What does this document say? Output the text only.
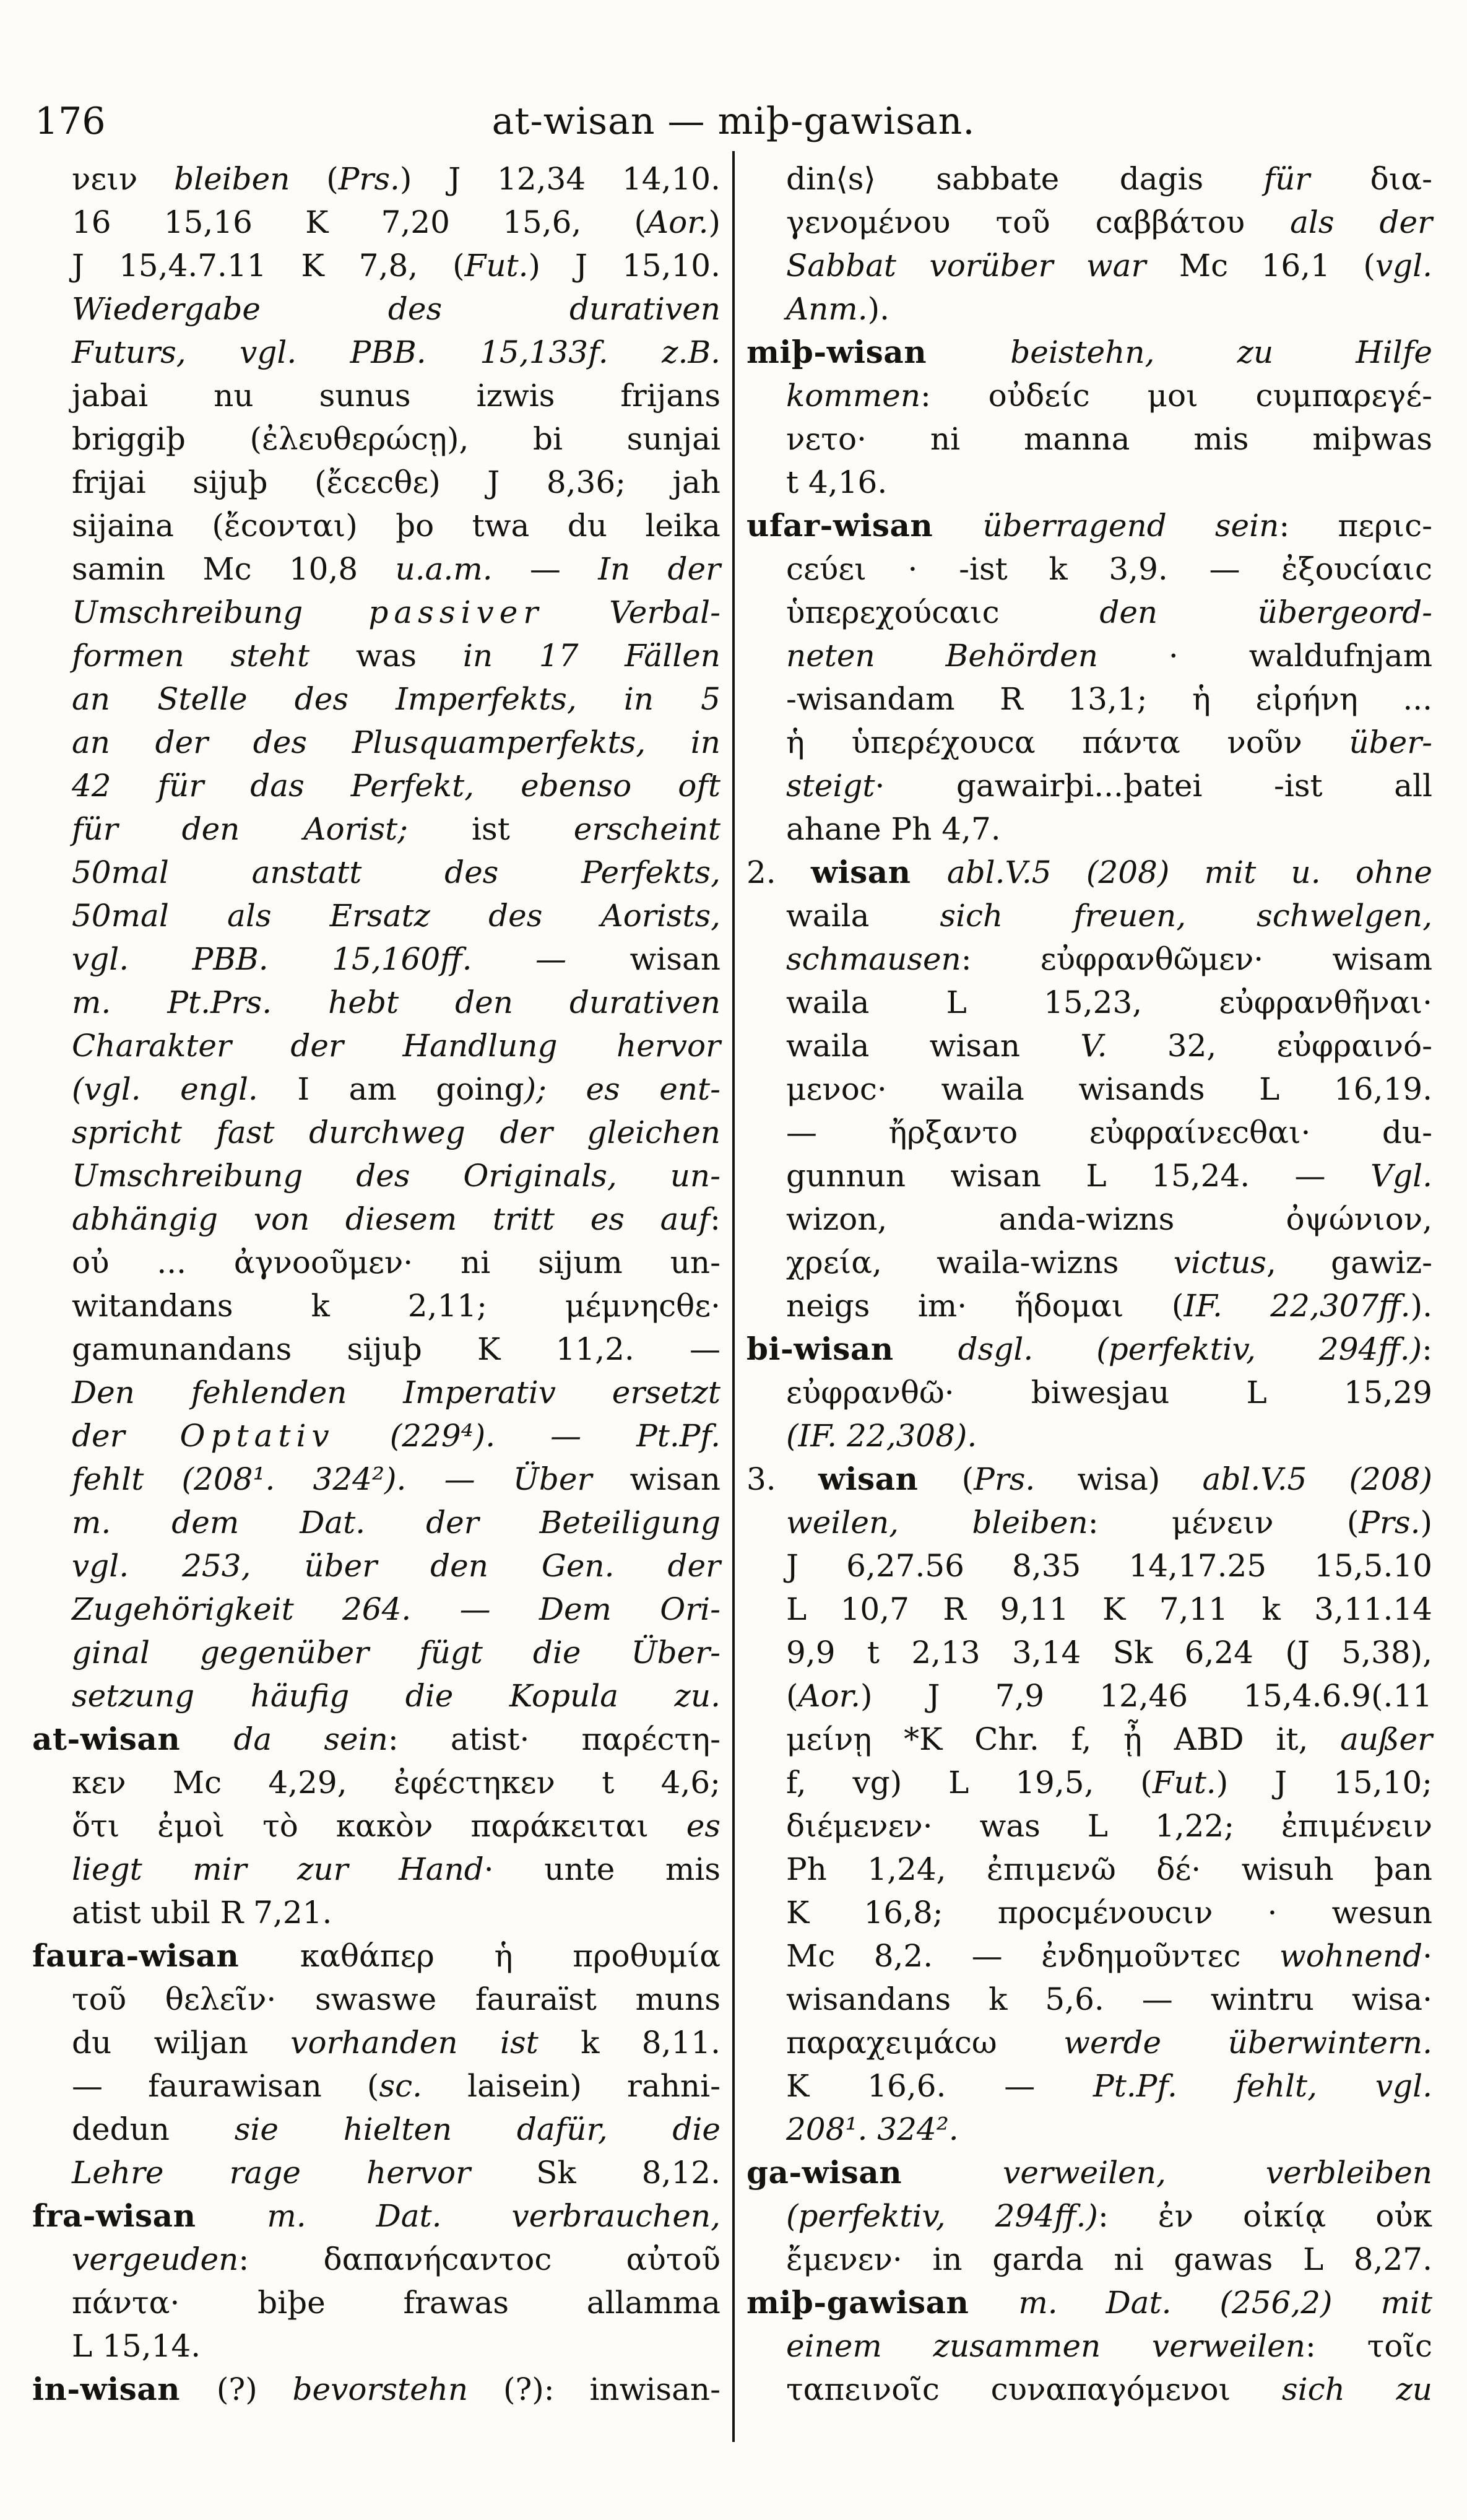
176	at-wisan — miþ-gawisan.
νειν bleiben (Prs.) J 12,34 14,10.
16 15,16 K 7,20 15,6, (Aor.)
J 15,4.7.11 K 7,8, (Fut.) J 15,10.
Wiedergabe des durativen
Futurs, vgl. PBB. 15,133f. z.B.
jabai nu sunus izwis frijans
briggiþ (ἐλευθερώϲῃ), bi sunjai
frijai sijuþ (ἔϲεϲθε) J 8,36; jah
sijaina (ἔϲονται) þo twa du leika
samin Mc 10,8 u.a.m. — In der
Umschreibung passiver Verbal-
formen steht was in 17 Fällen
an Stelle des Imperfekts, in 5
an der des Plusquamperfekts, in
42 für das Perfekt, ebenso oft
für den Aorist; ist erscheint
50mal anstatt des Perfekts,
50mal als Ersatz des Aorists,
vgl. PBB. 15,160ff. — wisan
m. Pt.Prs. hebt den durativen
Charakter der Handlung hervor
(vgl. engl. I am going); es ent-
spricht fast durchweg der gleichen
Umschreibung des Originals, un-
abhängig von diesem tritt es auf:
οὐ ... ἀγνοοῦμεν· ni sijum un-
witandans k 2,11; μέμνηϲθε·
gamunandans sijuþ K 11,2. —
Den fehlenden Imperativ ersetzt
der Optativ (229⁴). — Pt.Pf.
fehlt (208¹. 324²). — Über wisan
m. dem Dat. der Beteiligung
vgl. 253, über den Gen. der
Zugehörigkeit 264. — Dem Ori-
ginal gegenüber fügt die Über-
setzung häufig die Kopula zu.
at-wisan da sein: atist· παρέϲτη-
κεν Mc 4,29, ἐφέϲτηκεν t 4,6;
ὅτι ἐμοὶ τὸ κακὸν παράκειται es
liegt mir zur Hand· unte mis
atist ubil R 7,21.
faura-wisan καθάπερ ἡ προθυμία
τοῦ θελεῖν· swaswe fauraïst muns
du wiljan vorhanden ist k 8,11.
— faurawisan (sc. laisein) rahni-
dedun sie hielten dafür, die
Lehre rage hervor Sk 8,12.
fra-wisan m. Dat. verbrauchen,
vergeuden: δαπανήϲαντοϲ αὐτοῦ
πάντα· biþe frawas allamma
L 15,14.
in-wisan (?) bevorstehn (?): inwisan-
din⟨s⟩ sabbate dagis für δια-
γενομένου τοῦ ϲαββάτου als der
Sabbat vorüber war Mc 16,1 (vgl.
Anm.).
miþ-wisan beistehn, zu Hilfe
kommen: οὐδείϲ μοι ϲυμπαρεγέ-
νετο· ni manna mis miþwas
t 4,16.
ufar-wisan überragend sein: περιϲ-
ϲεύει · -ist k 3,9. — ἐξουϲίαιϲ
ὑπερεχούϲαιϲ den übergeord-
neten Behörden · waldufnjam
-wisandam R 13,1; ἡ εἰρήνη ...
ἡ ὑπερέχουϲα πάντα νοῦν über-
steigt· gawairþi...þatei -ist all
ahane Ph 4,7.
2. wisan abl.V.5 (208) mit u. ohne
waila sich freuen, schwelgen,
schmausen: εὐφρανθῶμεν· wisam
waila L 15,23, εὐφρανθῆναι·
waila wisan V. 32, εὐφραινό-
μενοϲ· waila wisands L 16,19.
— ἤρξαντο εὐφραίνεϲθαι· du-
gunnun wisan L 15,24. — Vgl.
wizon, anda-wizns ὀψώνιον,
χρεία, waila-wizns victus, gawiz-
neigs im· ἥδομαι (IF. 22,307ff.).
bi-wisan dsgl. (perfektiv, 294ff.):
εὐφρανθῶ· biwesjau L 15,29
(IF. 22,308).
3. wisan (Prs. wisa) abl.V.5 (208)
weilen, bleiben: μένειν (Prs.)
J 6,27.56 8,35 14,17.25 15,5.10
L 10,7 R 9,11 K 7,11 k 3,11.14
9,9 t 2,13 3,14 Sk 6,24 (J 5,38),
(Aor.) J 7,9 12,46 15,4.6.9(.11
μείνῃ *K Chr. f, ᾖ ABD it, außer
f, vg) L 19,5, (Fut.) J 15,10;
διέμενεν· was L 1,22; ἐπιμένειν
Ph 1,24, ἐπιμενῶ δέ· wisuh þan
K 16,8; προϲμένουϲιν · wesun
Mc 8,2. — ἐνδημοῦντεϲ wohnend·
wisandans k 5,6. — wintru wisa·
παραχειμάϲω werde überwintern.
K 16,6. — Pt.Pf. fehlt, vgl.
208¹. 324².
ga-wisan verweilen, verbleiben
(perfektiv, 294ff.): ἐν οἰκίᾳ οὐκ
ἔμενεν· in garda ni gawas L 8,27.
miþ-gawisan m. Dat. (256,2) mit
einem zusammen verweilen: τοῖϲ
ταπεινοῖϲ ϲυναπαγόμενοι sich zu
